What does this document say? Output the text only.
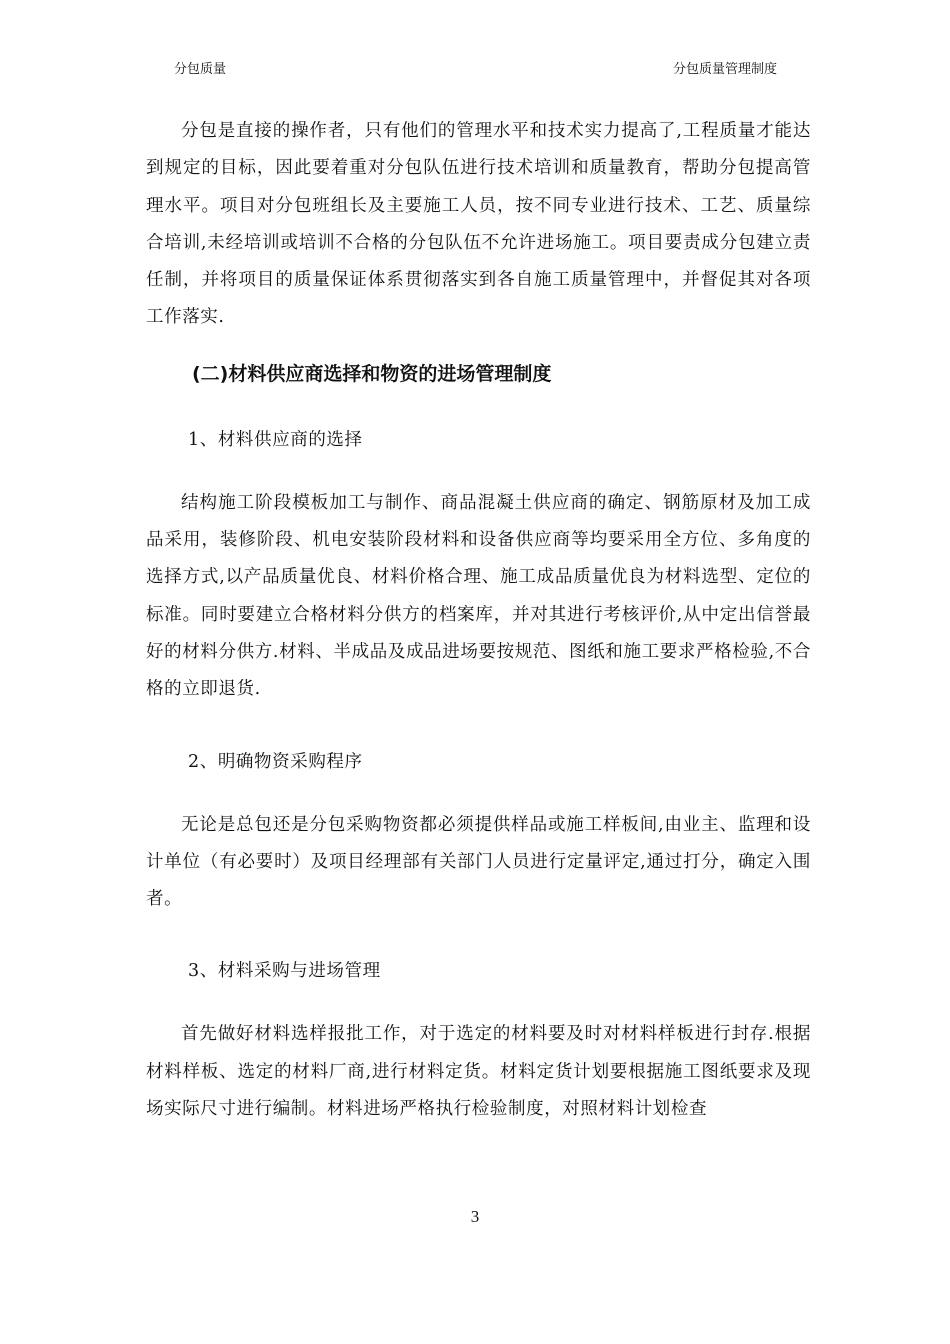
分包质量	分包质量管理制度

分包是直接的操作者，只有他们的管理水平和技术实力提高了,工程质量才能达到规定的目标，因此要着重对分包队伍进行技术培训和质量教育，帮助分包提高管理水平。项目对分包班组长及主要施工人员，按不同专业进行技术、工艺、质量综合培训,未经培训或培训不合格的分包队伍不允许进场施工。项目要责成分包建立责任制，并将项目的质量保证体系贯彻落实到各自施工质量管理中，并督促其对各项工作落实.

(二)材料供应商选择和物资的进场管理制度
1、材料供应商的选择

结构施工阶段模板加工与制作、商品混凝土供应商的确定、钢筋原材及加工成品采用，装修阶段、机电安装阶段材料和设备供应商等均要采用全方位、多角度的选择方式,以产品质量优良、材料价格合理、施工成品质量优良为材料选型、定位的标准。同时要建立合格材料分供方的档案库，并对其进行考核评价,从中定出信誉最好的材料分供方.材料、半成品及成品进场要按规范、图纸和施工要求严格检验,不合格的立即退货.

2、明确物资采购程序

无论是总包还是分包采购物资都必须提供样品或施工样板间,由业主、监理和设计单位（有必要时）及项目经理部有关部门人员进行定量评定,通过打分，确定入围者。

3、材料采购与进场管理

首先做好材料选样报批工作，对于选定的材料要及时对材料样板进行封存.根据材料样板、选定的材料厂商,进行材料定货。材料定货计划要根据施工图纸要求及现场实际尺寸进行编制。材料进场严格执行检验制度，对照材料计划检查

3
